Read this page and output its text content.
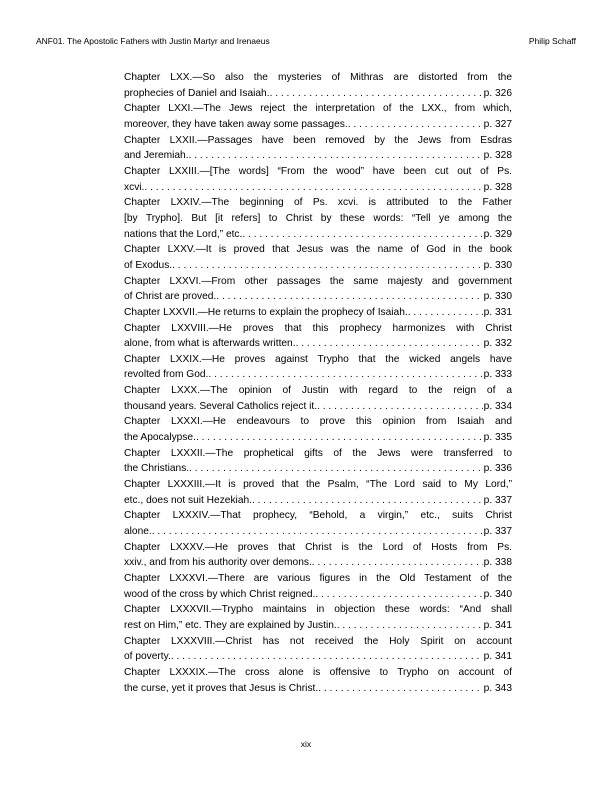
ANF01. The Apostolic Fathers with Justin Martyr and Irenaeus	Philip Schaff
Chapter LXX.—So also the mysteries of Mithras are distorted from the
prophecies of Daniel and Isaiah. . . .	p. 326
Chapter LXXI.—The Jews reject the interpretation of the LXX., from which,
moreover, they have taken away some passages. . . .	p. 327
Chapter LXXII.—Passages have been removed by the Jews from Esdras
and Jeremiah. . . .	p. 328
Chapter LXXIII.—[The words] “From the wood” have been cut out of Ps.
xcvi. . . .	p. 328
Chapter LXXIV.—The beginning of Ps. xcvi. is attributed to the Father
[by Trypho]. But [it refers] to Christ by these words: “Tell ye among the
nations that the Lord,” etc. . . .	p. 329
Chapter LXXV.—It is proved that Jesus was the name of God in the book
of Exodus. . . .	p. 330
Chapter LXXVI.—From other passages the same majesty and government
of Christ are proved. . . .	p. 330
Chapter LXXVII.—He returns to explain the prophecy of Isaiah. . . .	p. 331
Chapter LXXVIII.—He proves that this prophecy harmonizes with Christ
alone, from what is afterwards written. . . .	p. 332
Chapter LXXIX.—He proves against Trypho that the wicked angels have
revolted from God. . . .	p. 333
Chapter LXXX.—The opinion of Justin with regard to the reign of a
thousand years. Several Catholics reject it. . . .	p. 334
Chapter LXXXI.—He endeavours to prove this opinion from Isaiah and
the Apocalypse. . . .	p. 335
Chapter LXXXII.—The prophetical gifts of the Jews were transferred to
the Christians. . . .	p. 336
Chapter LXXXIII.—It is proved that the Psalm, “The Lord said to My Lord,”
etc., does not suit Hezekiah. . . .	p. 337
Chapter LXXXIV.—That prophecy, “Behold, a virgin,” etc., suits Christ
alone. . . .	p. 337
Chapter LXXXV.—He proves that Christ is the Lord of Hosts from Ps.
xxiv., and from his authority over demons. . . .	p. 338
Chapter LXXXVI.—There are various figures in the Old Testament of the
wood of the cross by which Christ reigned. . . .	p. 340
Chapter LXXXVII.—Trypho maintains in objection these words: “And shall
rest on Him,” etc. They are explained by Justin. . . .	p. 341
Chapter LXXXVIII.—Christ has not received the Holy Spirit on account
of poverty. . . .	p. 341
Chapter LXXXIX.—The cross alone is offensive to Trypho on account of
the curse, yet it proves that Jesus is Christ. . . .	p. 343
xix
